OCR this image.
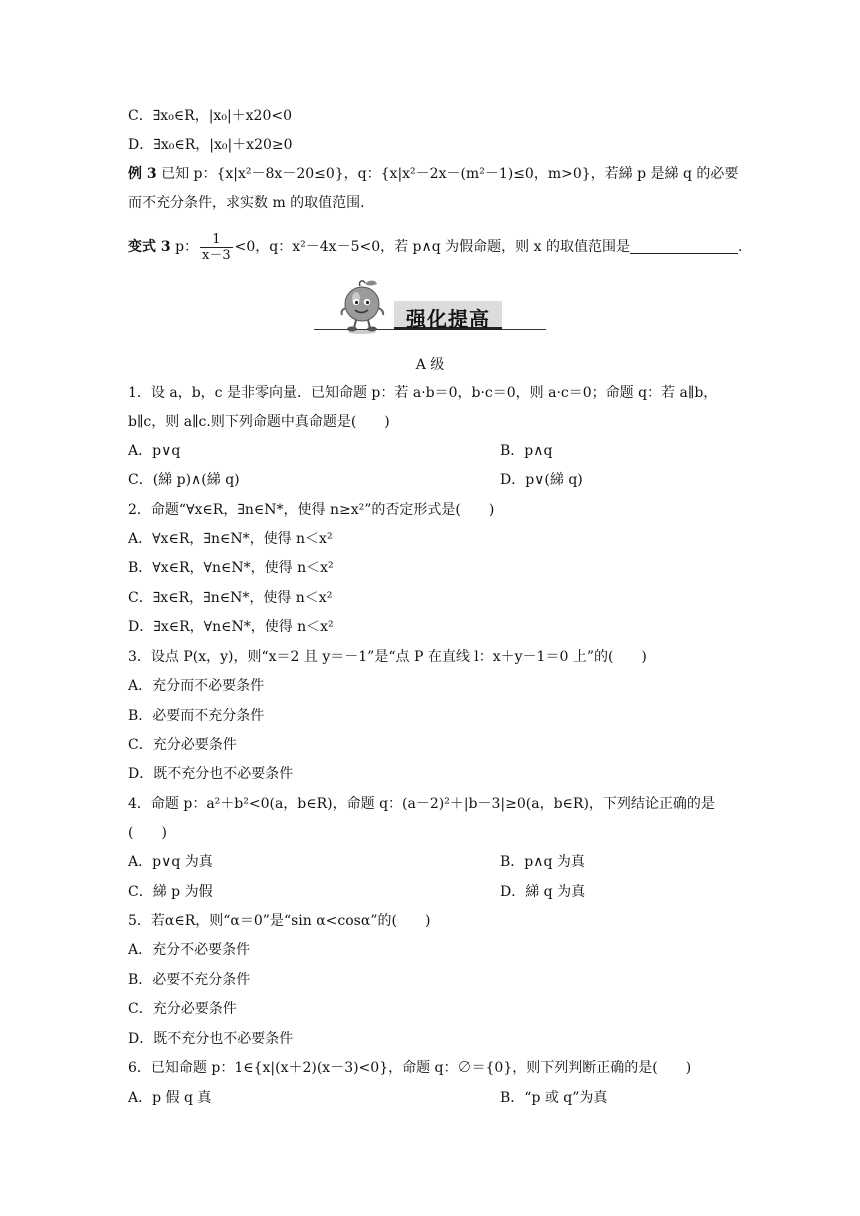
C．∃x₀∈R，|x₀|＋x20<0
D．∃x₀∈R，|x₀|＋x20≥0
例 3 已知 p：{x|x²－8x－20≤0}，q：{x|x²－2x－(m²－1)≤0，m>0}，若綈 p 是綈 q 的必要
而不充分条件，求实数 m 的取值范围．
变式 3 p： $\frac{1}{x-3} <0$，q：x²－4x－5<0，若 p∧q 为假命题，则 x 的取值范围是	．
强化提高
A 级
1．设 a，b，c 是非零向量．已知命题 p：若 a·b＝0，b·c＝0，则 a·c＝0；命题 q：若 a∥b，
b∥c，则 a∥c.则下列命题中真命题是(　　)
A．p∨q	B．p∧q
C．(綈 p)∧(綈 q)	D．p∨(綈 q)
2．命题“∀x∈R，∃n∈N*，使得 n≥x²”的否定形式是(　　)
A．∀x∈R，∃n∈N*，使得 n＜x²
B．∀x∈R，∀n∈N*，使得 n＜x²
C．∃x∈R，∃n∈N*，使得 n＜x²
D．∃x∈R，∀n∈N*，使得 n＜x²
3．设点 P(x，y)，则“x＝2 且 y＝－1”是“点 P 在直线 l：x＋y－1＝0 上”的(　　)
A．充分而不必要条件
B．必要而不充分条件
C．充分必要条件
D．既不充分也不必要条件
4．命题 p：a²＋b²<0(a，b∈R)，命题 q：(a－2)²＋|b－3|≥0(a，b∈R)，下列结论正确的是
(　　)
A．p∨q 为真	B．p∧q 为真
C．綈 p 为假	D．綈 q 为真
5．若α∈R，则“α＝0”是“sin α<cosα”的(　　)
A．充分不必要条件
B．必要不充分条件
C．充分必要条件
D．既不充分也不必要条件
6．已知命题 p：1∈{x|(x＋2)(x－3)<0}，命题 q：∅＝{0}，则下列判断正确的是(　　)
A．p 假 q 真	B．“p 或 q”为真
